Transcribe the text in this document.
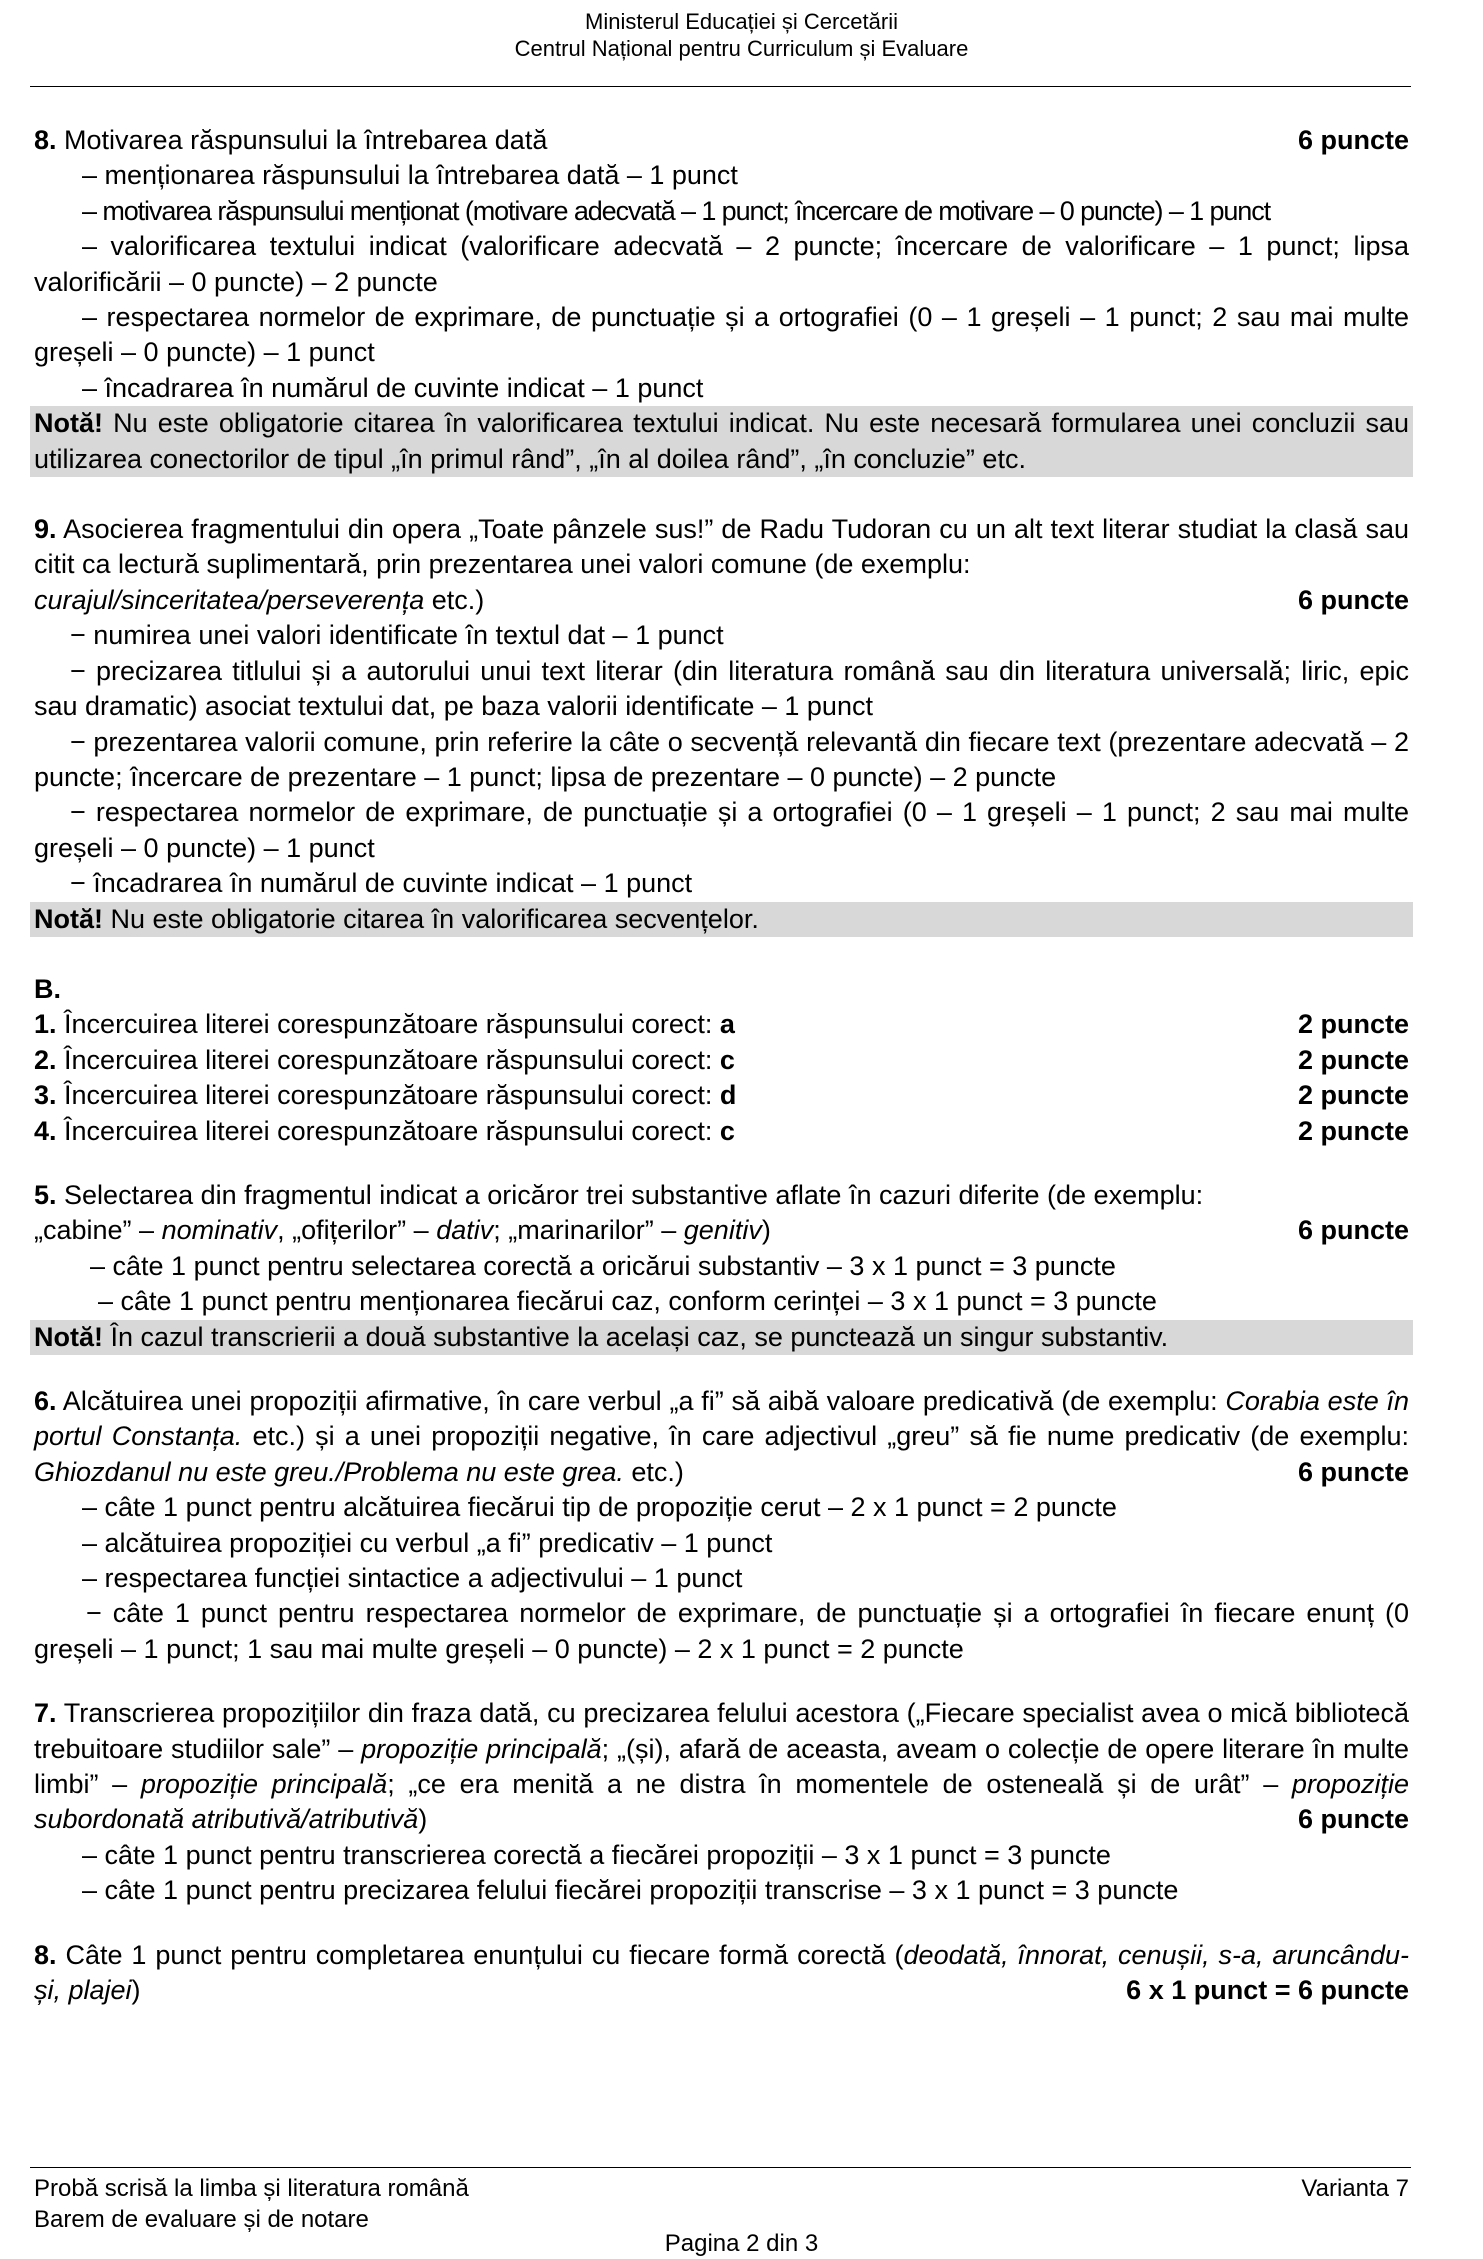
Ministerul Educației și Cercetării
Centrul Național pentru Curriculum și Evaluare
8. Motivarea răspunsului la întrebarea dată	6 puncte
– menționarea răspunsului la întrebarea dată – 1 punct
– motivarea răspunsului menționat (motivare adecvată – 1 punct; încercare de motivare – 0 puncte) – 1 punct
– valorificarea textului indicat (valorificare adecvată – 2 puncte; încercare de valorificare – 1 punct; lipsa valorificării – 0 puncte) – 2 puncte
– respectarea normelor de exprimare, de punctuație și a ortografiei (0 – 1 greșeli – 1 punct; 2 sau mai multe greșeli – 0 puncte) – 1 punct
– încadrarea în numărul de cuvinte indicat – 1 punct
Notă! Nu este obligatorie citarea în valorificarea textului indicat. Nu este necesară formularea unei concluzii sau utilizarea conectorilor de tipul „în primul rând”, „în al doilea rând”, „în concluzie” etc.
9. Asocierea fragmentului din opera „Toate pânzele sus!” de Radu Tudoran cu un alt text literar studiat la clasă sau citit ca lectură suplimentară, prin prezentarea unei valori comune (de exemplu:
curajul/sinceritatea/perseverența etc.)	6 puncte
− numirea unei valori identificate în textul dat – 1 punct
− precizarea titlului și a autorului unui text literar (din literatura română sau din literatura universală; liric, epic sau dramatic) asociat textului dat, pe baza valorii identificate – 1 punct
− prezentarea valorii comune, prin referire la câte o secvență relevantă din fiecare text (prezentare adecvată – 2 puncte; încercare de prezentare – 1 punct; lipsa de prezentare – 0 puncte) – 2 puncte
− respectarea normelor de exprimare, de punctuație și a ortografiei (0 – 1 greșeli – 1 punct; 2 sau mai multe greșeli – 0 puncte) – 1 punct
− încadrarea în numărul de cuvinte indicat – 1 punct
Notă! Nu este obligatorie citarea în valorificarea secvențelor.
B.
1. Încercuirea literei corespunzătoare răspunsului corect: a	2 puncte
2. Încercuirea literei corespunzătoare răspunsului corect: c	2 puncte
3. Încercuirea literei corespunzătoare răspunsului corect: d	2 puncte
4. Încercuirea literei corespunzătoare răspunsului corect: c	2 puncte
5. Selectarea din fragmentul indicat a oricăror trei substantive aflate în cazuri diferite (de exemplu:
„cabine” – nominativ, „ofițerilor” – dativ; „marinarilor” – genitiv)	6 puncte
– câte 1 punct pentru selectarea corectă a oricărui substantiv – 3 x 1 punct = 3 puncte
– câte 1 punct pentru menționarea fiecărui caz, conform cerinței – 3 x 1 punct = 3 puncte
Notă! În cazul transcrierii a două substantive la același caz, se punctează un singur substantiv.
6. Alcătuirea unei propoziții afirmative, în care verbul „a fi” să aibă valoare predicativă (de exemplu: Corabia este în portul Constanța. etc.) și a unei propoziții negative, în care adjectivul „greu” să fie nume predicativ (de exemplu: Ghiozdanul nu este greu./Problema nu este grea. etc.)	6 puncte
– câte 1 punct pentru alcătuirea fiecărui tip de propoziție cerut – 2 x 1 punct = 2 puncte
– alcătuirea propoziției cu verbul „a fi” predicativ – 1 punct
– respectarea funcției sintactice a adjectivului – 1 punct
− câte 1 punct pentru respectarea normelor de exprimare, de punctuație și a ortografiei în fiecare enunț (0 greșeli – 1 punct; 1 sau mai multe greșeli – 0 puncte) – 2 x 1 punct = 2 puncte
7. Transcrierea propozițiilor din fraza dată, cu precizarea felului acestora („Fiecare specialist avea o mică bibliotecă trebuitoare studiilor sale” – propoziție principală; „(și), afară de aceasta, aveam o colecție de opere literare în multe limbi” – propoziție principală; „ce era menită a ne distra în momentele de osteneală și de urât” – propoziție subordonată atributivă/atributivă)	6 puncte
– câte 1 punct pentru transcrierea corectă a fiecărei propoziții – 3 x 1 punct = 3 puncte
– câte 1 punct pentru precizarea felului fiecărei propoziții transcrise – 3 x 1 punct = 3 puncte
8. Câte 1 punct pentru completarea enunțului cu fiecare formă corectă (deodată, înnorat, cenușii, s-a, aruncându-și, plajei)	6 x 1 punct = 6 puncte
Probă scrisă la limba și literatura română	Varianta 7
Barem de evaluare și de notare
Pagina 2 din 3
